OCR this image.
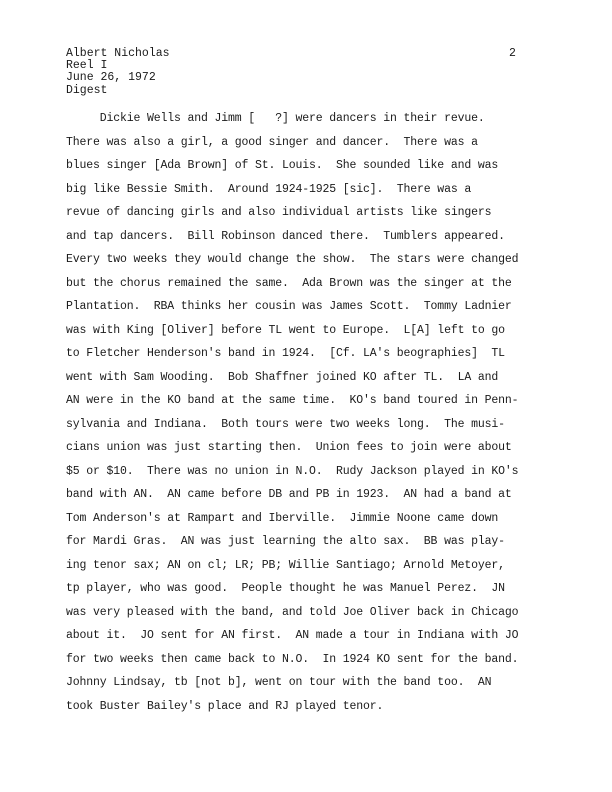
Albert Nicholas
Reel I
June 26, 1972
Digest
2
Dickie Wells and Jimm [   ?] were dancers in their revue.
There was also a girl, a good singer and dancer.  There was a
blues singer [Ada Brown] of St. Louis.  She sounded like and was
big like Bessie Smith.  Around 1924-1925 [sic].  There was a
revue of dancing girls and also individual artists like singers
and tap dancers.  Bill Robinson danced there.  Tumblers appeared.
Every two weeks they would change the show.  The stars were changed
but the chorus remained the same.  Ada Brown was the singer at the
Plantation.  RBA thinks her cousin was James Scott.  Tommy Ladnier
was with King [Oliver] before TL went to Europe.  L[A] left to go
to Fletcher Henderson's band in 1924.  [Cf. LA's beographies]  TL
went with Sam Wooding.  Bob Shaffner joined KO after TL.  LA and
AN were in the KO band at the same time.  KO's band toured in Penn-
sylvania and Indiana.  Both tours were two weeks long.  The musi-
cians union was just starting then.  Union fees to join were about
$5 or $10.  There was no union in N.O.  Rudy Jackson played in KO's
band with AN.  AN came before DB and PB in 1923.  AN had a band at
Tom Anderson's at Rampart and Iberville.  Jimmie Noone came down
for Mardi Gras.  AN was just learning the alto sax.  BB was play-
ing tenor sax; AN on cl; LR; PB; Willie Santiago; Arnold Metoyer,
tp player, who was good.  People thought he was Manuel Perez.  JN
was very pleased with the band, and told Joe Oliver back in Chicago
about it.  JO sent for AN first.  AN made a tour in Indiana with JO
for two weeks then came back to N.O.  In 1924 KO sent for the band.
Johnny Lindsay, tb [not b], went on tour with the band too.  AN
took Buster Bailey's place and RJ played tenor.
